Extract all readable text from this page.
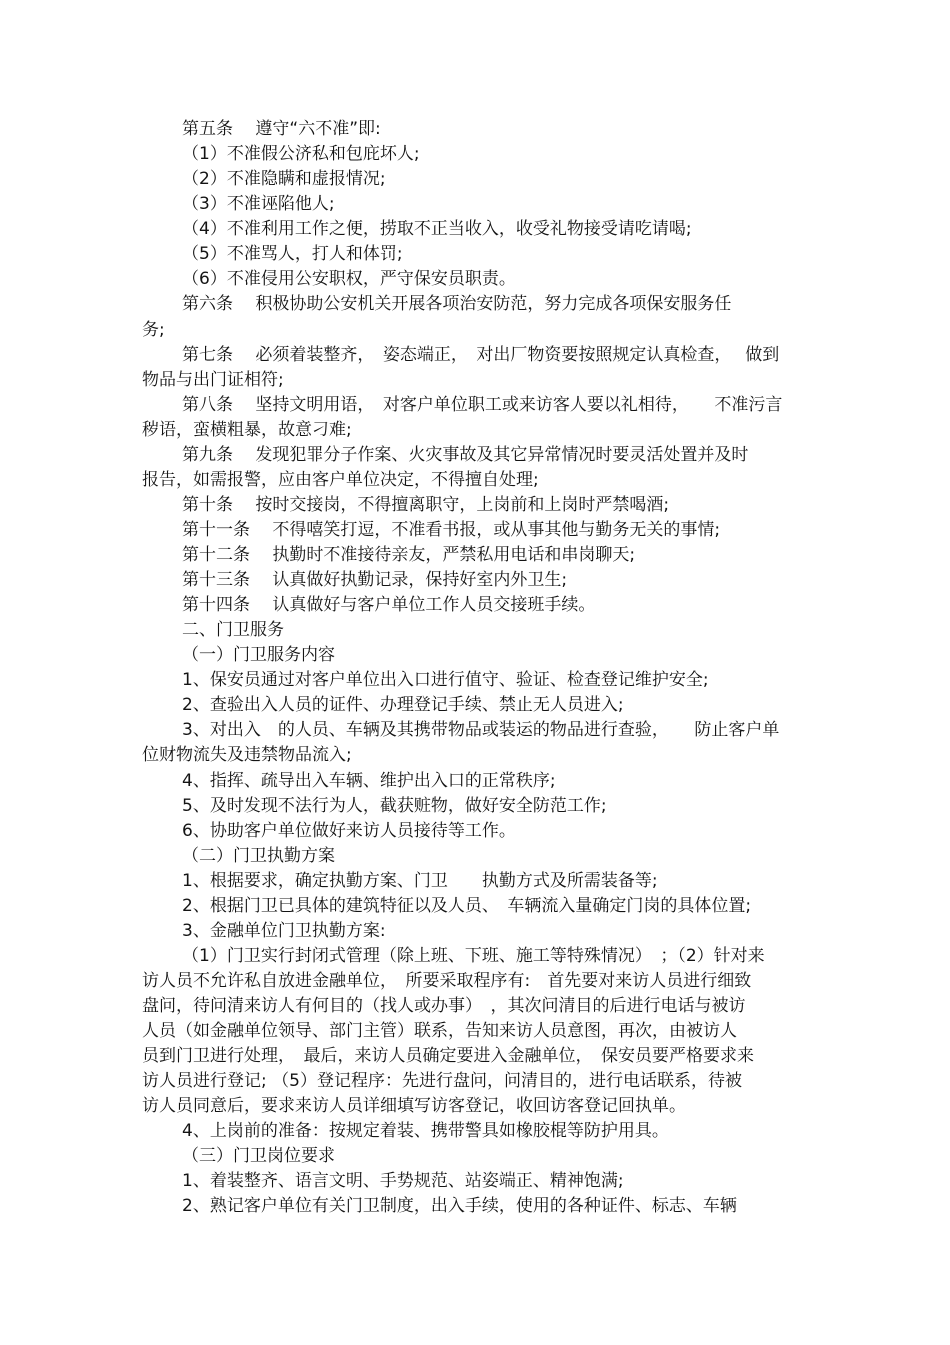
第五条　 遵守“六不准”即:

（1）不准假公济私和包庇坏人;

（2）不准隐瞒和虚报情况;

（3）不准诬陷他人;

（4）不准利用工作之便，捞取不正当收入，收受礼物接受请吃请喝;

（5）不准骂人，打人和体罚;

（6）不准侵用公安职权，严守保安员职责。

第六条　 积极协助公安机关开展各项治安防范，努力完成各项保安服务任

务;

第七条　 必须着装整齐，　姿态端正，　对出厂物资要按照规定认真检查，　 做到

物品与出门证相符;

第八条　 坚持文明用语，　对客户单位职工或来访客人要以礼相待，　　不准污言

秽语，蛮横粗暴，故意刁难;

第九条　 发现犯罪分子作案、火灾事故及其它异常情况时要灵活处置并及时

报告，如需报警，应由客户单位决定，不得擅自处理;

第十条　 按时交接岗，不得擅离职守，上岗前和上岗时严禁喝酒;

第十一条　 不得嘻笑打逗，不准看书报，或从事其他与勤务无关的事情;

第十二条　 执勤时不准接待亲友，严禁私用电话和串岗聊天;

第十三条　 认真做好执勤记录，保持好室内外卫生;

第十四条　 认真做好与客户单位工作人员交接班手续。

二、门卫服务

（一）门卫服务内容

1、保安员通过对客户单位出入口进行值守、验证、检查登记维护安全;

2、查验出入人员的证件、办理登记手续、禁止无人员进入;

3、对出入　的人员、车辆及其携带物品或装运的物品进行查验，　　防止客户单

位财物流失及违禁物品流入;

4、指挥、疏导出入车辆、维护出入口的正常秩序;

5、及时发现不法行为人，截获赃物，做好安全防范工作;

6、协助客户单位做好来访人员接待等工作。

（二）门卫执勤方案

1、根据要求，确定执勤方案、门卫　　执勤方式及所需装备等;

2、根据门卫已具体的建筑特征以及人员、　车辆流入量确定门岗的具体位置;

3、金融单位门卫执勤方案:

（1）门卫实行封闭式管理（除上班、下班、施工等特殊情况）　；（2）针对来

访人员不允许私自放进金融单位，　所要采取程序有:　首先要对来访人员进行细致

盘问，待问清来访人有何目的（找人或办事）　，其次问清目的后进行电话与被访

人员（如金融单位领导、部门主管）联系，告知来访人员意图，再次，由被访人

员到门卫进行处理，　最后，来访人员确定要进入金融单位，　保安员要严格要求来

访人员进行登记; （5）登记程序：先进行盘问，问清目的，进行电话联系，待被

访人员同意后，要求来访人员详细填写访客登记，收回访客登记回执单。

4、上岗前的准备：按规定着装、携带警具如橡胶棍等防护用具。

（三）门卫岗位要求

1、着装整齐、语言文明、手势规范、站姿端正、精神饱满;

2、熟记客户单位有关门卫制度，出入手续，使用的各种证件、标志、车辆
